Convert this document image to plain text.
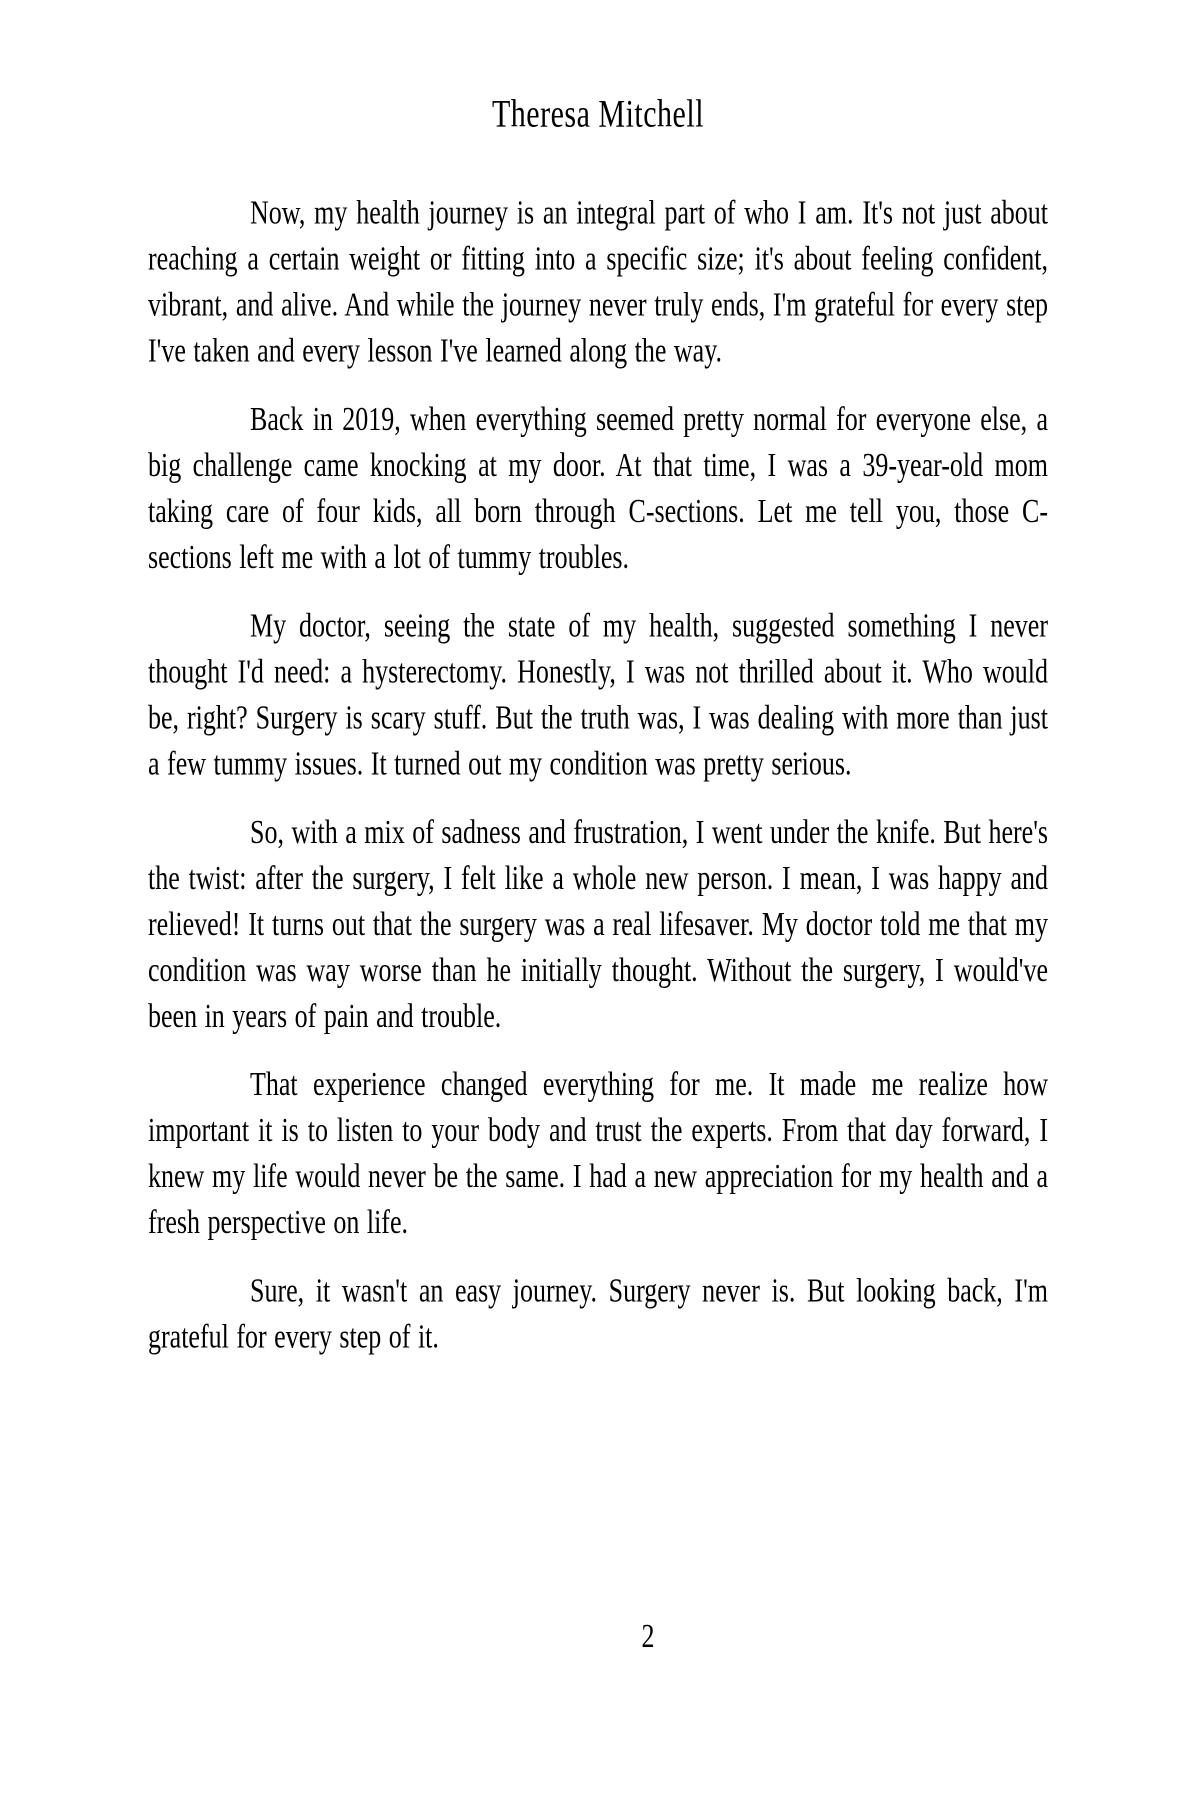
Theresa Mitchell

Now, my health journey is an integral part of who I am. It's not just about reaching a certain weight or fitting into a specific size; it's about feeling confident, vibrant, and alive. And while the journey never truly ends, I'm grateful for every step I've taken and every lesson I've learned along the way.

Back in 2019, when everything seemed pretty normal for everyone else, a big challenge came knocking at my door. At that time, I was a 39-year-old mom taking care of four kids, all born through C-sections. Let me tell you, those C-sections left me with a lot of tummy troubles.

My doctor, seeing the state of my health, suggested something I never thought I'd need: a hysterectomy. Honestly, I was not thrilled about it. Who would be, right? Surgery is scary stuff. But the truth was, I was dealing with more than just a few tummy issues. It turned out my condition was pretty serious.

So, with a mix of sadness and frustration, I went under the knife. But here's the twist: after the surgery, I felt like a whole new person. I mean, I was happy and relieved! It turns out that the surgery was a real lifesaver. My doctor told me that my condition was way worse than he initially thought. Without the surgery, I would've been in years of pain and trouble.

That experience changed everything for me. It made me realize how important it is to listen to your body and trust the experts. From that day forward, I knew my life would never be the same. I had a new appreciation for my health and a fresh perspective on life.

Sure, it wasn't an easy journey. Surgery never is. But looking back, I'm grateful for every step of it.

2
